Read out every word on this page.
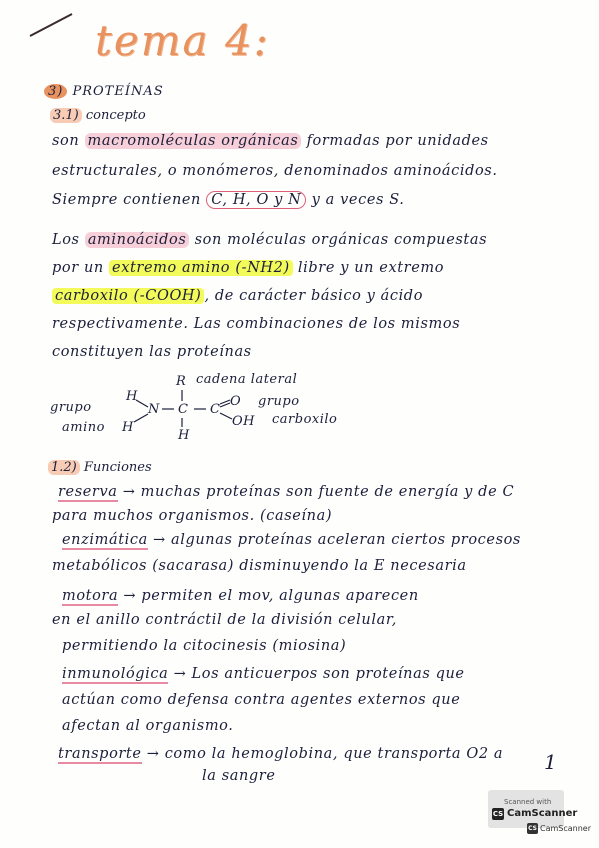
tema 4:
3) PROTEÍNAS
3.1) concepto
son macromoléculas orgánicas formadas por unidades
estructurales, o monómeros, denominados aminoácidos.
Siempre contienen C, H, O y N y a veces S.
Los aminoácidos son moléculas orgánicas compuestas
por un extremo amino (-NH2) libre y un extremo
carboxilo (-COOH) , de carácter básico y ácido
respectivamente. Las combinaciones de los mismos
constituyen las proteínas
R cadena lateral
grupo
amino
H
H
N C C
O
OH
H
grupo
carboxilo
1.2) Funciones
reserva → muchas proteínas son fuente de energía y de C
para muchos organismos. (caseína)
enzimática → algunas proteínas aceleran ciertos procesos
metabólicos (sacarasa) disminuyendo la E necesaria
motora → permiten el mov, algunas aparecen
en el anillo contráctil de la división celular,
permitiendo la citocinesis (miosina)
inmunológica → Los anticuerpos son proteínas que
actúan como defensa contra agentes externos que
afectan al organismo.
transporte → como la hemoglobina, que transporta O2 a
la sangre
1
Scanned with
CS CamScanner
CS CamScanner
